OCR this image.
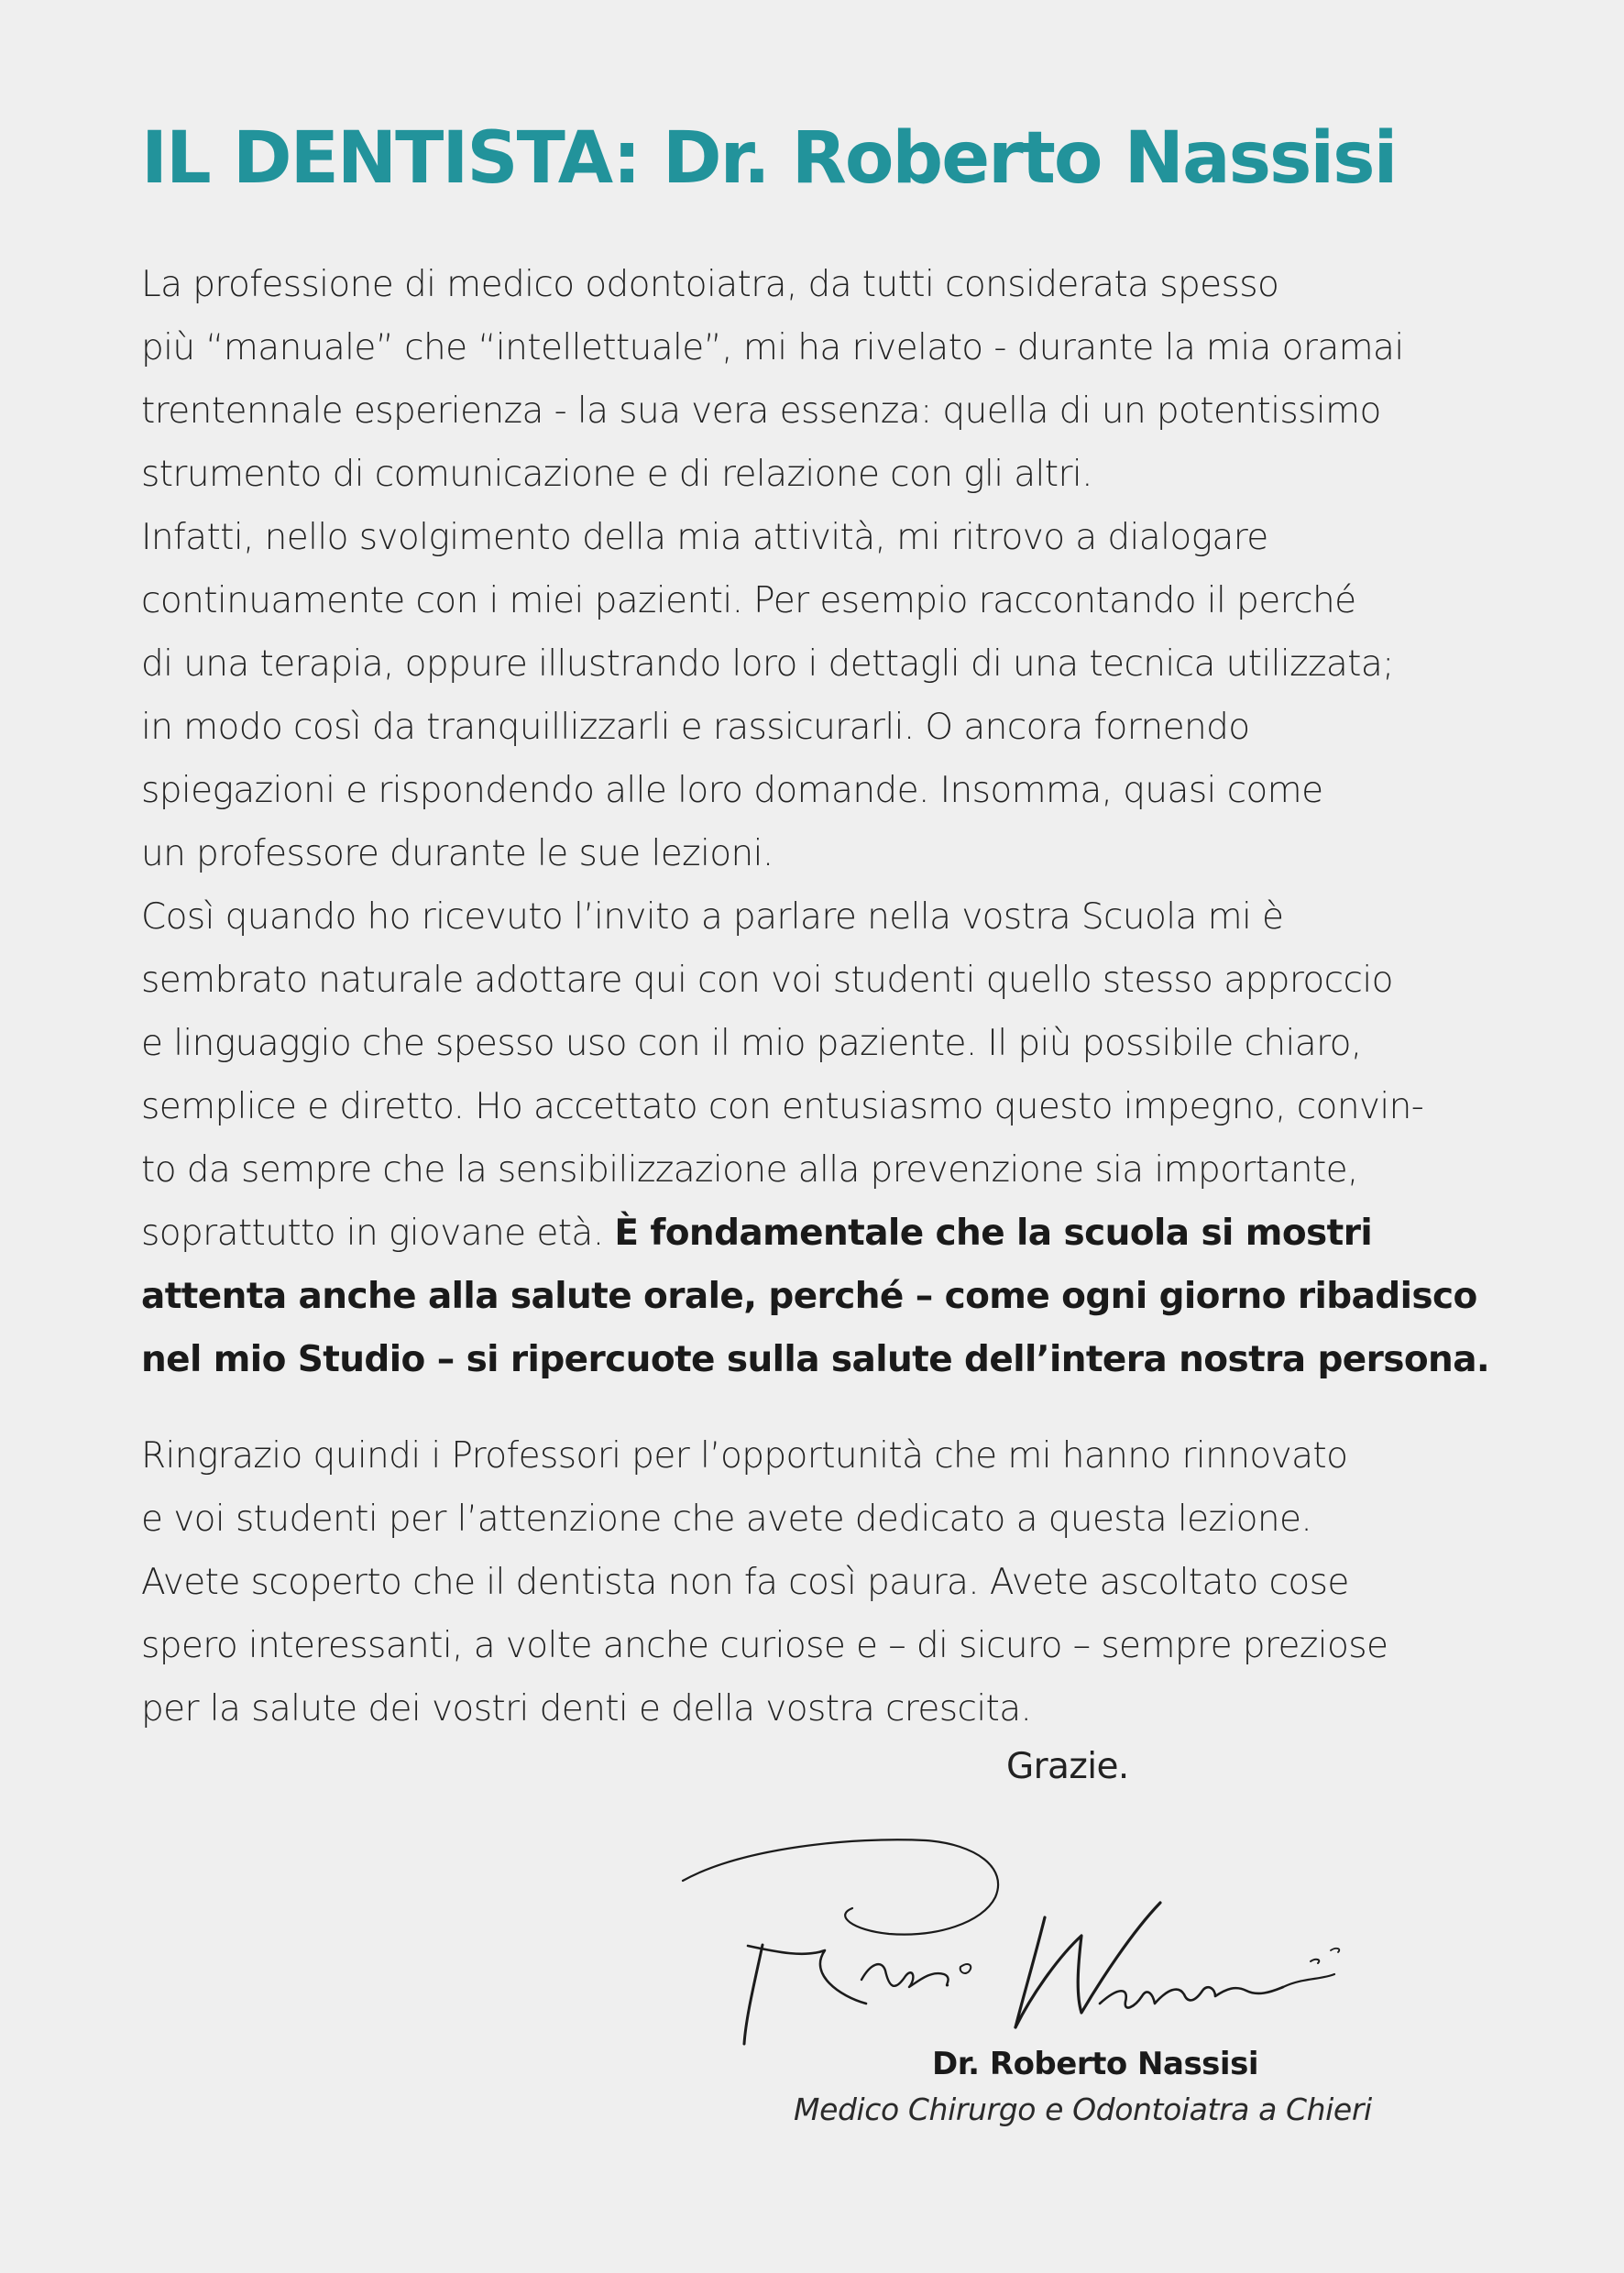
IL DENTISTA: Dr. Roberto Nassisi
La professione di medico odontoiatra, da tutti considerata spesso
più “manuale” che “intellettuale”, mi ha rivelato - durante la mia oramai
trentennale esperienza - la sua vera essenza: quella di un potentissimo
strumento di comunicazione e di relazione con gli altri.
Infatti, nello svolgimento della mia attività, mi ritrovo a dialogare
continuamente con i miei pazienti. Per esempio raccontando il perché
di una terapia, oppure illustrando loro i dettagli di una tecnica utilizzata;
in modo così da tranquillizzarli e rassicurarli. O ancora fornendo
spiegazioni e rispondendo alle loro domande. Insomma, quasi come
un professore durante le sue lezioni.
Così quando ho ricevuto l’invito a parlare nella vostra Scuola mi è
sembrato naturale adottare qui con voi studenti quello stesso approccio
e linguaggio che spesso uso con il mio paziente. Il più possibile chiaro,
semplice e diretto. Ho accettato con entusiasmo questo impegno, convin-
to da sempre che la sensibilizzazione alla prevenzione sia importante,
soprattutto in giovane età. È fondamentale che la scuola si mostri
attenta anche alla salute orale, perché – come ogni giorno ribadisco
nel mio Studio – si ripercuote sulla salute dell’intera nostra persona.
Ringrazio quindi i Professori per l’opportunità che mi hanno rinnovato
e voi studenti per l’attenzione che avete dedicato a questa lezione.
Avete scoperto che il dentista non fa così paura. Avete ascoltato cose
spero interessanti, a volte anche curiose e – di sicuro – sempre preziose
per la salute dei vostri denti e della vostra crescita.

Grazie.

Dr. Roberto Nassisi

Medico Chirurgo e Odontoiatra a Chieri
